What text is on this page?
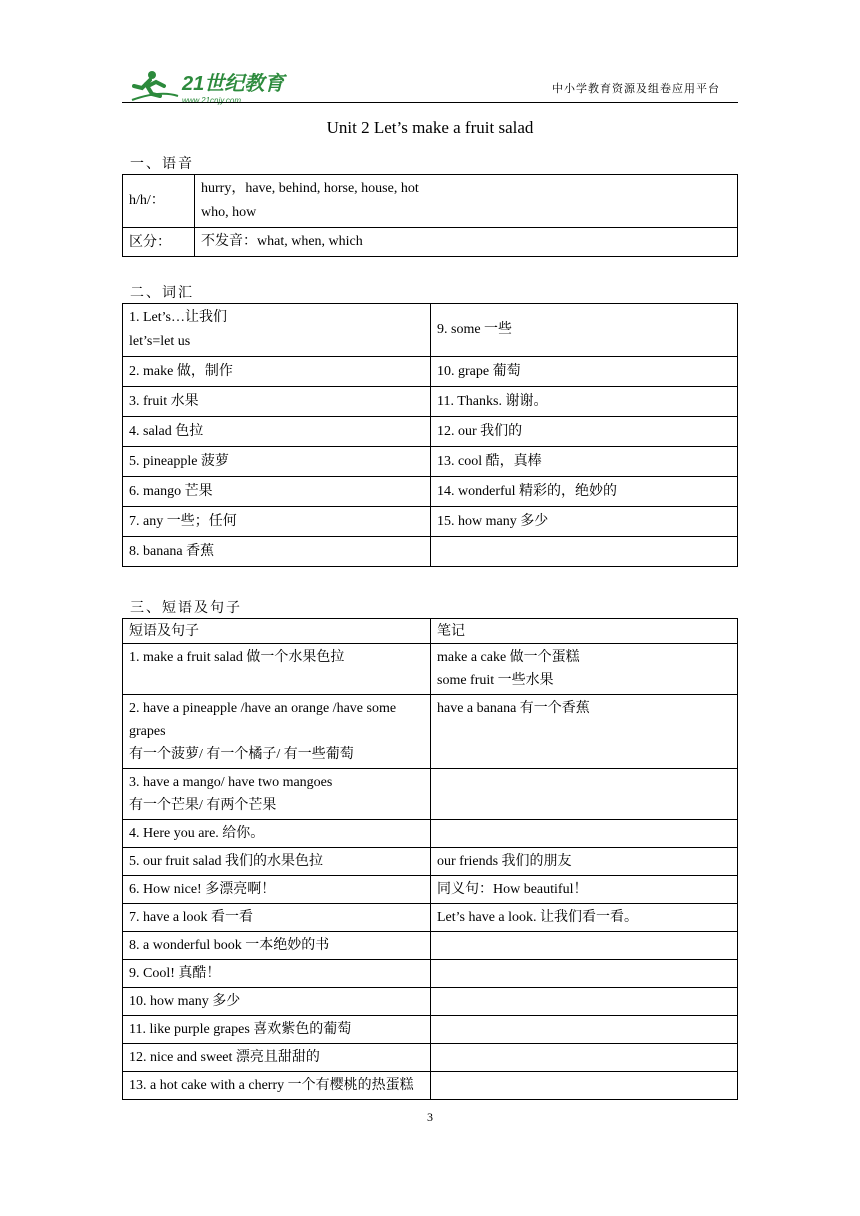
21世纪教育
www.21cnjy.com
中小学教育资源及组卷应用平台
Unit 2 Let’s make a fruit salad
一、语音
h/h/：	hurry，have, behind, horse, house, hot
who, how

区分：	不发音：what, when, which
二、词汇
1. Let’s…让我们
let’s=let us	9. some 一些
2. make 做，制作	10. grape 葡萄
3. fruit 水果	11. Thanks. 谢谢。
4. salad 色拉	12. our 我们的
5. pineapple 菠萝	13. cool 酷，真棒
6. mango 芒果	14. wonderful 精彩的，绝妙的
7. any 一些；任何	15. how many 多少
8. banana 香蕉	
三、短语及句子
短语及句子	笔记

1. make a fruit salad 做一个水果色拉	make a cake 做一个蛋糕
some fruit 一些水果

2. have a pineapple /have an orange /have some grapes
有一个菠萝/ 有一个橘子/ 有一些葡萄	have a banana 有一个香蕉

3. have a mango/ have two mangoes
有一个芒果/ 有两个芒果	

4. Here you are. 给你。	

5. our fruit salad 我们的水果色拉	our friends 我们的朋友

6. How nice! 多漂亮啊！	同义句：How beautiful！

7. have a look 看一看	Let’s have a look. 让我们看一看。

8. a wonderful book 一本绝妙的书	

9. Cool! 真酷！	

10. how many 多少	

11. like purple grapes 喜欢紫色的葡萄	

12. nice and sweet 漂亮且甜甜的	

13. a hot cake with a cherry 一个有樱桃的热蛋糕	

3
